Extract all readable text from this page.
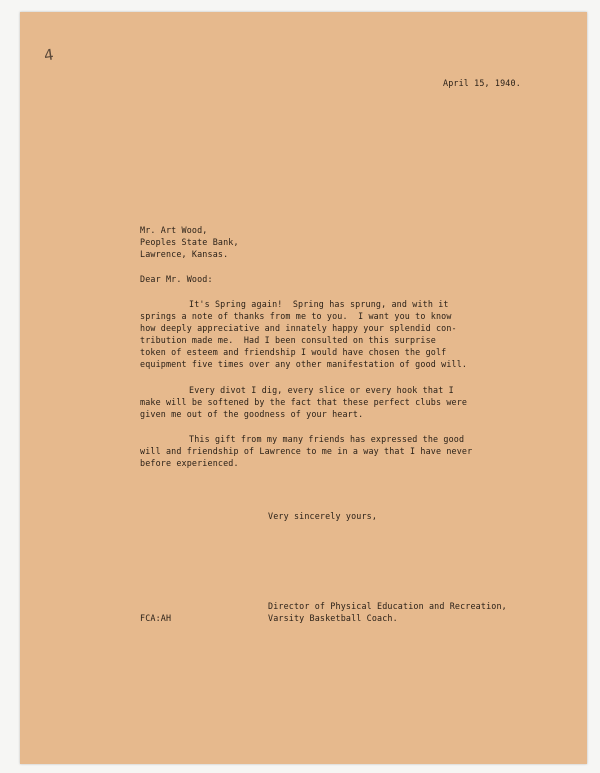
4

April 15, 1940.

Mr. Art Wood,

Peoples State Bank,

Lawrence, Kansas.

Dear Mr. Wood:

It's Spring again!  Spring has sprung, and with it

springs a note of thanks from me to you.  I want you to know

how deeply appreciative and innately happy your splendid con-

tribution made me.  Had I been consulted on this surprise

token of esteem and friendship I would have chosen the golf

equipment five times over any other manifestation of good will.

Every divot I dig, every slice or every hook that I

make will be softened by the fact that these perfect clubs were

given me out of the goodness of your heart.

This gift from my many friends has expressed the good

will and friendship of Lawrence to me in a way that I have never

before experienced.

Very sincerely yours,

FCA:AH

Director of Physical Education and Recreation,

Varsity Basketball Coach.
